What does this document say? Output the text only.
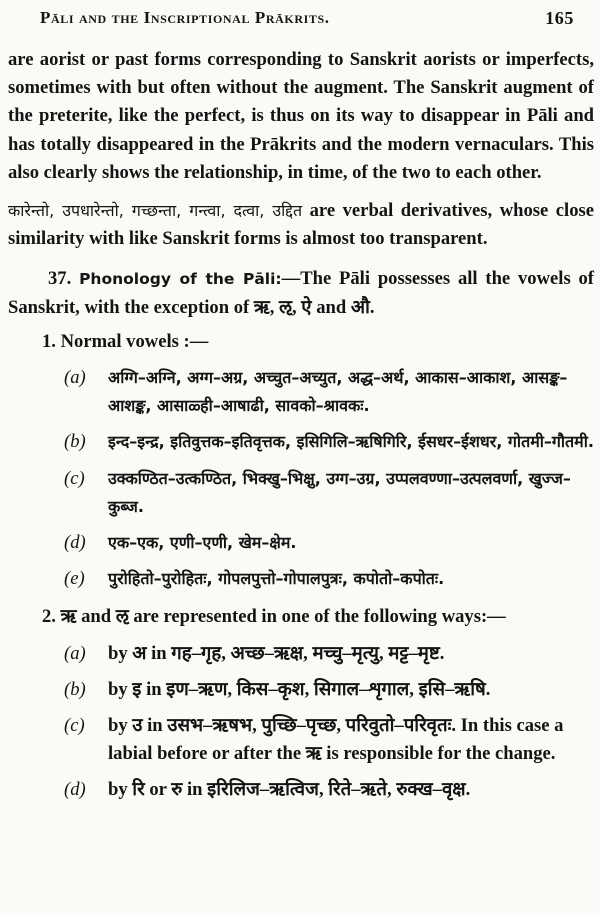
Pāli and the Inscriptional Prākrits.	165

are aorist or past forms corresponding to Sanskrit aorists or imperfects, sometimes with but often without the augment. The Sanskrit augment of the preterite, like the perfect, is thus on its way to disappear in Pāli and has totally disappeared in the Prākrits and the modern vernaculars. This also clearly shows the relationship, in time, of the two to each other.

कारेन्तो, उपधारेन्तो, गच्छन्ता, गन्त्वा, दत्वा, उद्दित are verbal derivatives, whose close similarity with like Sanskrit forms is almost too transparent.

37. Phonology of the Pāli:—The Pāli possesses all the vowels of Sanskrit, with the exception of ऋ, ऌ, ऐ and औ.

1. Normal vowels :—
(a)	अग्गि–अग्नि, अग्ग–अग्र, अच्चुत–अच्युत, अद्ध–अर्थ, आकास–आकाश, आसङ्क–आशङ्क, आसाळ्ही–आषाढी, सावको–श्रावकः.
(b)	इन्द–इन्द्र, इतिवुत्तक–इतिवृत्तक, इसिगिलि–ऋषिगिरि, ईसधर–ईशधर, गोतमी–गौतमी.
(c)	उक्कण्ठित–उत्कण्ठित, भिक्खु–भिक्षु, उग्ग–उग्र, उप्पलवण्णा–उत्पलवर्णा, खुज्ज–कुब्ज.
(d)	एक–एक, एणी–एणी, खेम–क्षेम.
(e)	पुरोहितो–पुरोहितः, गोपलपुत्तो–गोपालपुत्रः, कपोतो–कपोतः.

2. ऋ and ऌ are represented in one of the following ways:—

(a)	by अ in गह–गृह, अच्छ–ऋक्ष, मच्चु–मृत्यु, मट्ट–मृष्ट.
(b)	by इ in इण–ऋण, किस–कृश, सिगाल–शृगाल, इसि–ऋषि.
(c)	by उ in उसभ–ऋषभ, पुच्छि–पृच्छ, परिवुतो–परिवृतः. In this case a labial before or after the ऋ is responsible for the change.
(d)	by रि or रु in इरिलिज–ऋत्विज, रिते–ऋते, रुक्ख–वृक्ष.
